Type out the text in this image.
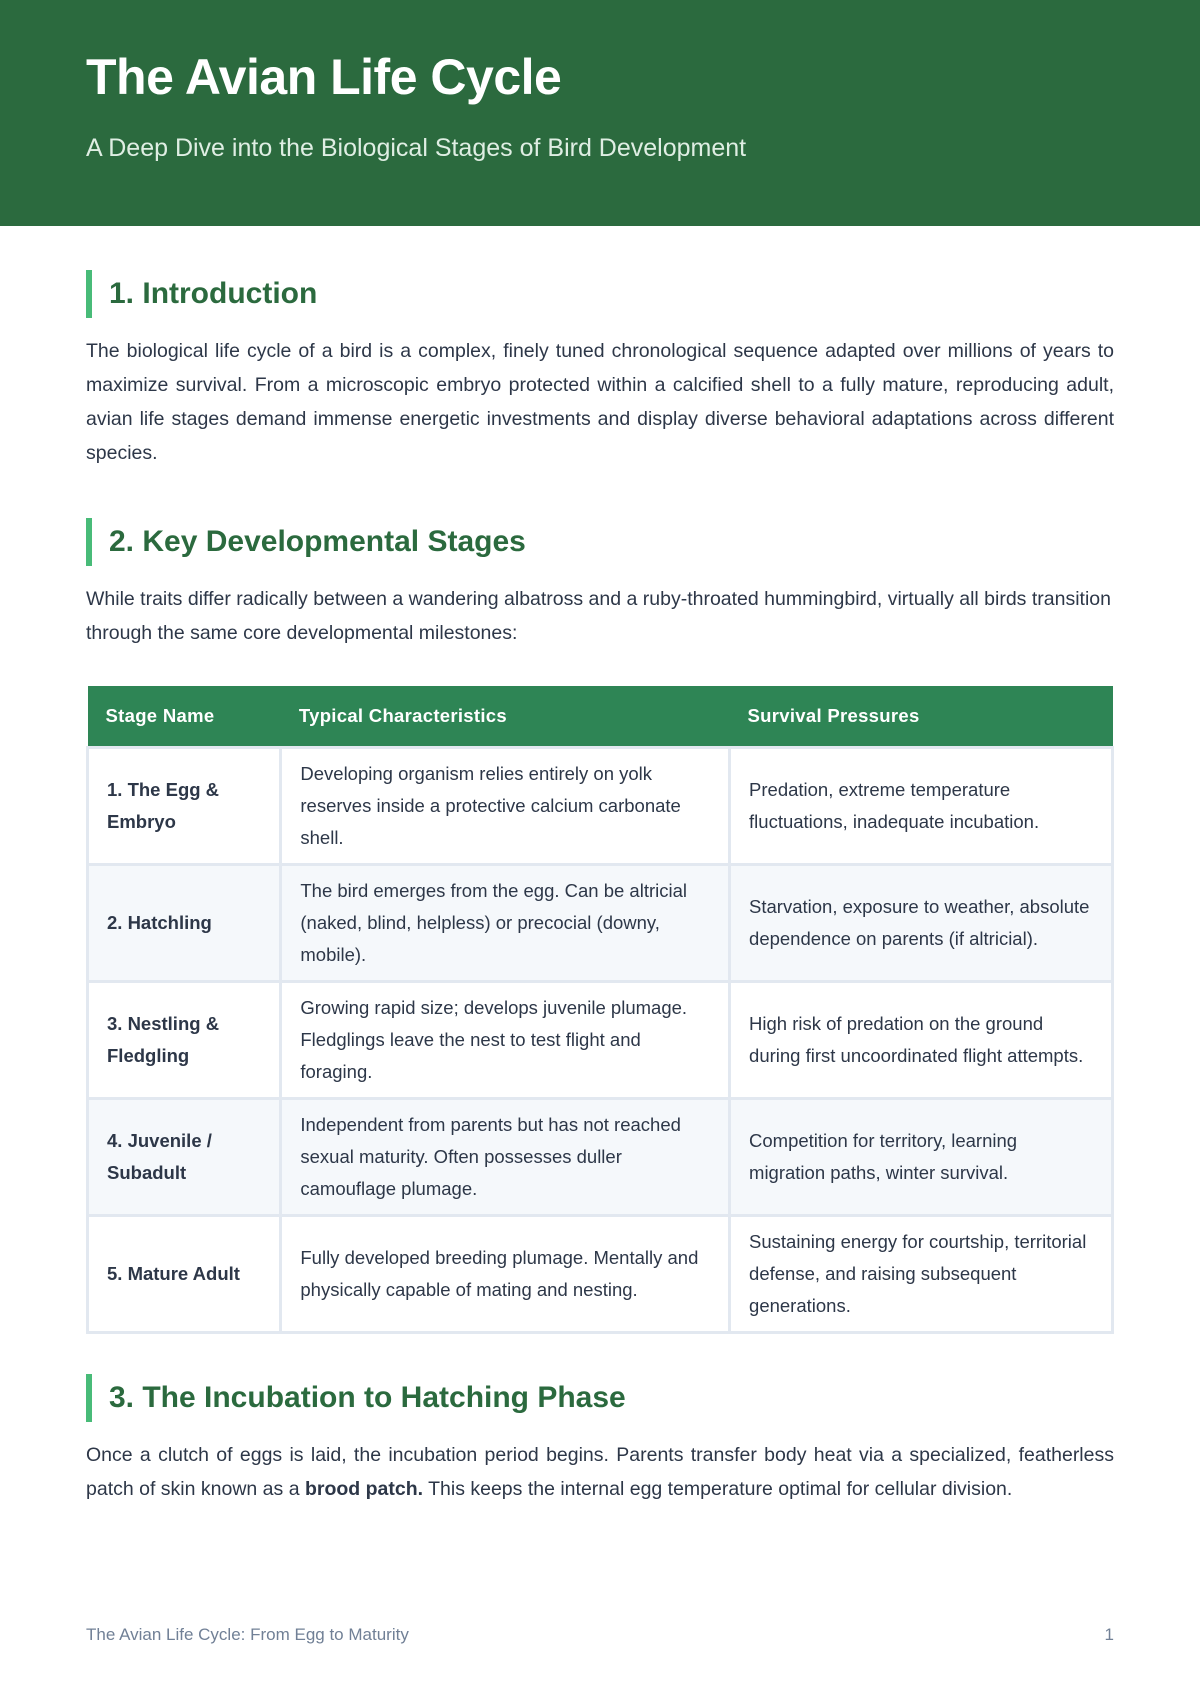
The Avian Life Cycle
A Deep Dive into the Biological Stages of Bird Development
1. Introduction

The biological life cycle of a bird is a complex, finely tuned chronological sequence adapted over millions of years to maximize survival. From a microscopic embryo protected within a calcified shell to a fully mature, reproducing adult, avian life stages demand immense energetic investments and display diverse behavioral adaptations across different species.

2. Key Developmental Stages

While traits differ radically between a wandering albatross and a ruby-throated hummingbird, virtually all birds transition through the same core developmental milestones:

Stage Name	Typical Characteristics	Survival Pressures
1. The Egg & Embryo	Developing organism relies entirely on yolk reserves inside a protective calcium carbonate shell.	Predation, extreme temperature fluctuations, inadequate incubation.
2. Hatchling	The bird emerges from the egg. Can be altricial (naked, blind, helpless) or precocial (downy, mobile).	Starvation, exposure to weather, absolute dependence on parents (if altricial).
3. Nestling & Fledgling	Growing rapid size; develops juvenile plumage. Fledglings leave the nest to test flight and foraging.	High risk of predation on the ground during first uncoordinated flight attempts.
4. Juvenile / Subadult	Independent from parents but has not reached sexual maturity. Often possesses duller camouflage plumage.	Competition for territory, learning migration paths, winter survival.
5. Mature Adult	Fully developed breeding plumage. Mentally and physically capable of mating and nesting.	Sustaining energy for courtship, territorial defense, and raising subsequent generations.
3. The Incubation to Hatching Phase

Once a clutch of eggs is laid, the incubation period begins. Parents transfer body heat via a specialized, featherless patch of skin known as a brood patch. This keeps the internal egg temperature optimal for cellular division.

The Avian Life Cycle: From Egg to Maturity	1
